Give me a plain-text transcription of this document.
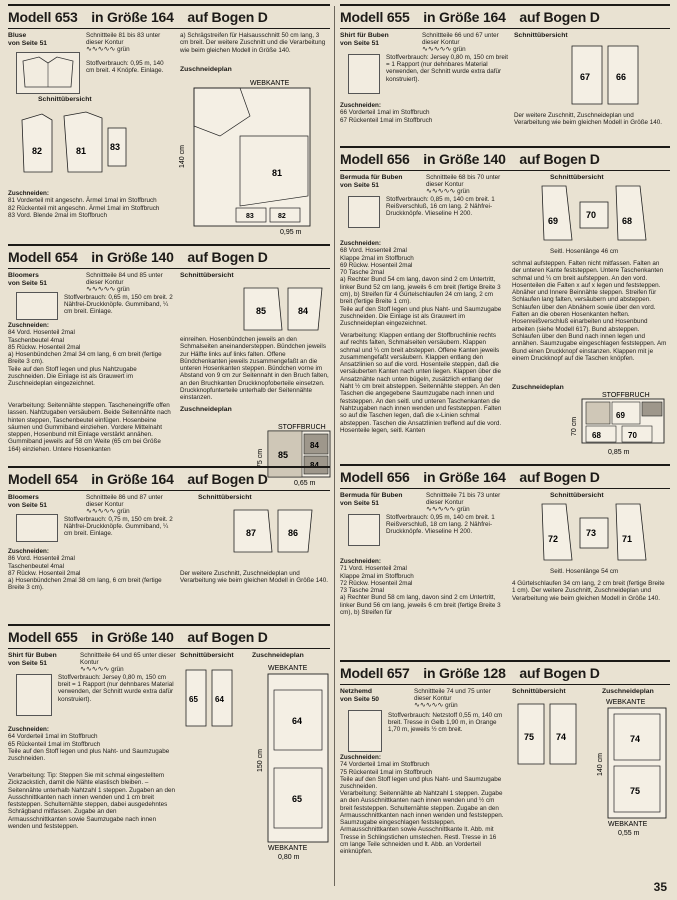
Modell 653 in Größe 164 auf Bogen D
Bluse
von Seite 51
Schnittteile 81 bis 83 unter dieser Kontur
∿∿∿∿∿ grün
Stoffverbrauch: 0,95 m, 140 cm breit. 4 Knöpfe. Einlage.
a) Schrägstreifen für Halsausschnitt 50 cm lang, 3 cm breit. Der weitere Zuschnitt und die Verarbeitung wie beim gleichen Modell in Größe 140.
Schnittübersicht
82	81	83
Zuschneideplan
WEBKANTE
81
83	82
140 cm
0,95 m
Zuschneiden:
81 Vorderteil mit angeschn. Ärmel 1mal im Stoffbruch
82 Rückenteil mit angeschn. Ärmel 1mal im Stoffbruch
83 Vord. Blende 2mal im Stoffbruch
Modell 654 in Größe 140 auf Bogen D
Bloomers
von Seite 51
Schnittteile 84 und 85 unter dieser Kontur
∿∿∿∿∿ grün
Stoffverbrauch: 0,65 m, 150 cm breit. 2 Nähfrei-Druckknöpfe. Gummiband, ¼ cm breit. Einlage.
Zuschneiden:
84 Vord. Hosenteil 2mal
Taschenbeutel 4mal
85 Rückw. Hosenteil 2mal
a) Hosenbündchen 2mal 34 cm lang, 6 cm breit (fertige Breite 3 cm).
Teile auf den Stoff legen und plus Nahtzugabe zuschneiden. Die Einlage ist als Grauwert im Zuschneideplan eingezeichnet.
Verarbeitung: Seitennähte steppen. Tascheneingriffe offen lassen. Nahtzugaben versäubern. Beide Seitennähte nach hinten steppen, Taschenbeutel einfügen. Hosenbeine säumen und Gummiband einziehen. Vordere Mittelnaht steppen, Hosenbund mit Einlage verstärkt annähen. Gummiband jeweils auf 58 cm Weite (65 cm bei Größe 164) einziehen. Untere Hosenkanten
Schnittübersicht
85	84
einreihen. Hosenbündchen jeweils an den Schmalseiten aneinandersteppen. Bündchen jeweils zur Hälfte links auf links falten. Offene Bündchenkanten jeweils zusammengefaßt an die unteren Hosenkanten steppen. Bündchen vorne im Abstand von 9 cm zur Seitennaht in den Bruch falten, an den Bruchkanten Druckknopfoberteile einsetzen. Druckknopfunterteile unterhalb der Seitennähte einstanzen.
Zuschneideplan
STOFFBRUCH
85
84
84
75 cm
0,65 m
Modell 654 in Größe 164 auf Bogen D
Bloomers
von Seite 51
Schnittteile 86 und 87 unter dieser Kontur
∿∿∿∿∿ grün
Stoffverbrauch: 0,75 m, 150 cm breit. 2 Nähfrei-Druckknöpfe. Gummiband, ¼ cm breit. Einlage.
Zuschneiden:
86 Vord. Hosenteil 2mal
Taschenbeutel 4mal
87 Rückw. Hosenteil 2mal
a) Hosenbündchen 2mal 38 cm lang, 6 cm breit (fertige Breite 3 cm).
Schnittübersicht
87	86
Der weitere Zuschnitt, Zuschneideplan und Verarbeitung wie beim gleichen Modell in Größe 140.
Modell 655 in Größe 140 auf Bogen D
Shirt für Buben
von Seite 51
Schnittteile 64 und 65 unter dieser Kontur
∿∿∿∿∿ grün
Stoffverbrauch: Jersey 0,80 m, 150 cm breit = 1 Rapport (nur dehnbares Material verwenden, der Schnitt wurde extra dafür konstruiert).
Schnittübersicht
65 64
Zuschneideplan
WEBKANTE
64
65
150 cm
WEBKANTE
0,80 m
Zuschneiden:
64 Vorderteil 1mal im Stoffbruch
65 Rückenteil 1mal im Stoffbruch
Teile auf den Stoff legen und plus Naht- und Saumzugabe zuschneiden.
Verarbeitung: Tip: Steppen Sie mit schmal eingestelltem Zickzackstich, damit die Nähte elastisch bleiben. – Seitennähte unterhalb Nahtzahl 1 steppen. Zugaben an den Ausschnittkanten nach innen wenden und 1 cm breit feststeppen. Schulternähte steppen, dabei ausgedehntes Schrägband mitfassen. Zugabe an den Armausschnittkanten sowie Saumzugabe nach innen wenden und feststeppen.
Modell 655 in Größe 164 auf Bogen D
Shirt für Buben
von Seite 51
Schnittteile 66 und 67 unter dieser Kontur
∿∿∿∿∿ grün
Stoffverbrauch: Jersey 0,80 m, 150 cm breit = 1 Rapport (nur dehnbares Material verwenden, der Schnitt wurde extra dafür konstruiert).
Zuschneiden:
66 Vorderteil 1mal im Stoffbruch
67 Rückenteil 1mal im Stoffbruch
Schnittübersicht
67	66
Der weitere Zuschnitt, Zuschneideplan und Verarbeitung wie beim gleichen Modell in Größe 140.
Modell 656 in Größe 140 auf Bogen D
Bermuda für Buben
von Seite 51
Schnittteile 68 bis 70 unter dieser Kontur
∿∿∿∿∿ grün
Stoffverbrauch: 0,85 m, 140 cm breit. 1 Reißverschluß, 16 cm lang. 2 Nähfrei-Druckknöpfe. Vlieseline H 200.
Schnittübersicht
69
70
68
Seitl. Hosenlänge 46 cm
Zuschneiden:
68 Vord. Hosenteil 2mal
Klappe 2mal im Stoffbruch
69 Rückw. Hosenteil 2mal
70 Tasche 2mal
a) Rechter Bund 54 cm lang, davon sind 2 cm Untertritt, linker Bund 52 cm lang, jeweils 6 cm breit (fertige Breite 3 cm), b) Streifen für 4 Gürtelschlaufen 24 cm lang, 2 cm breit (fertige Breite 1 cm).
Teile auf den Stoff legen und plus Naht- und Saumzugabe zuschneiden. Die Einlage ist als Grauwert im Zuschneideplan eingezeichnet.
Verarbeitung: Klappen entlang der Stoffbruchlinie rechts auf rechts falten, Schmalseiten versäubern. Klappen schmal und ¼ cm breit absteppen. Offene Kanten jeweils zusammengefaßt versäubern. Klappen entlang den Ansatzlinien so auf die vord. Hosenteile steppen, daß die versäuberten Kanten nach unten liegen. Klappen über die Ansatznähte nach unten bügeln, zusätzlich entlang der Naht ½ cm breit absteppen. Seitennähte steppen. An den Taschen die angegebene Saumzugabe nach innen und feststeppen. An den seitl. und unteren Taschenkanten die Nahtzugaben nach innen wenden und feststeppen. Falten so auf die Taschen legen, daß die x-Linien schmal absteppen. Taschen die Ansatzlinien treffend auf die vord. Hosenteile legen, seitl. Kanten
schmal aufsteppen. Falten nicht mitfassen. Falten an der unteren Kante feststeppen. Untere Taschenkanten schmal und ¼ cm breit aufsteppen. An den vord. Hosenteilen die Falten x auf x legen und feststeppen. Abnäher und Innere Beinnähte steppen. Streifen für Schlaufen lang falten, versäubern und absteppen. Schlaufen über den Abnähern sowie über den vord. Falten an die oberen Hosenkanten heften. Hosenreißverschluß einarbeiten und Hosenbund arbeiten (siehe Modell 617). Bund absteppen. Schlaufen über den Bund nach innen legen und annähen. Saumzugabe eingeschlagen feststeppen. Am Bund einen Druckknopf einstanzen. Klappen mit je einem Druckknopf auf die Taschen knöpfen.
Zuschneideplan
STOFFBRUCH
69
68	70
70 cm
0,85 m
Modell 656 in Größe 164 auf Bogen D
Bermuda für Buben
von Seite 51
Schnittteile 71 bis 73 unter dieser Kontur
∿∿∿∿∿ grün
Stoffverbrauch: 0,95 m, 140 cm breit. 1 Reißverschluß, 18 cm lang. 2 Nähfrei-Druckknöpfe. Vlieseline H 200.
Schnittübersicht
72
73
71
Seitl. Hosenlänge 54 cm
Zuschneiden:
71 Vord. Hosenteil 2mal
Klappe 2mal im Stoffbruch
72 Rückw. Hosenteil 2mal
73 Tasche 2mal
a) Rechter Bund 58 cm lang, davon sind 2 cm Untertritt, linker Bund 56 cm lang, jeweils 6 cm breit (fertige Breite 3 cm), b) Streifen für
4 Gürtelschlaufen 34 cm lang, 2 cm breit (fertige Breite 1 cm). Der weitere Zuschnitt, Zuschneideplan und Verarbeitung wie beim gleichen Modell in Größe 140.
Modell 657 in Größe 128 auf Bogen D
Netzhemd
von Seite 50
Schnittteile 74 und 75 unter dieser Kontur
∿∿∿∿∿ grün
Stoffverbrauch: Netzstoff 0,55 m, 140 cm breit. Tresse in Gelb 1,90 m, in Orange 1,70 m, jeweils ½ cm breit.
Zuschneiden:
74 Vorderteil 1mal im Stoffbruch
75 Rückenteil 1mal im Stoffbruch
Teile auf den Stoff legen und plus Naht- und Saumzugabe zuschneiden.
Verarbeitung: Seitennähte ab Nahtzahl 1 steppen. Zugabe an den Ausschnittkanten nach innen wenden und ½ cm breit feststeppen. Schulternähte steppen. Zugabe an den Armausschnittkanten nach innen wenden und feststeppen. Saumzugabe eingeschlagen feststeppen. Armausschnittkanten sowie Ausschnittkante lt. Abb. mit Tresse in Schlingstichen umstechen. Restl. Tresse in 16 cm lange Teile schneiden und lt. Abb. an Vorderteil einknüpfen.
Schnittübersicht
75 74
Zuschneideplan
WEBKANTE
74
75
140 cm
WEBKANTE
0,55 m
35
